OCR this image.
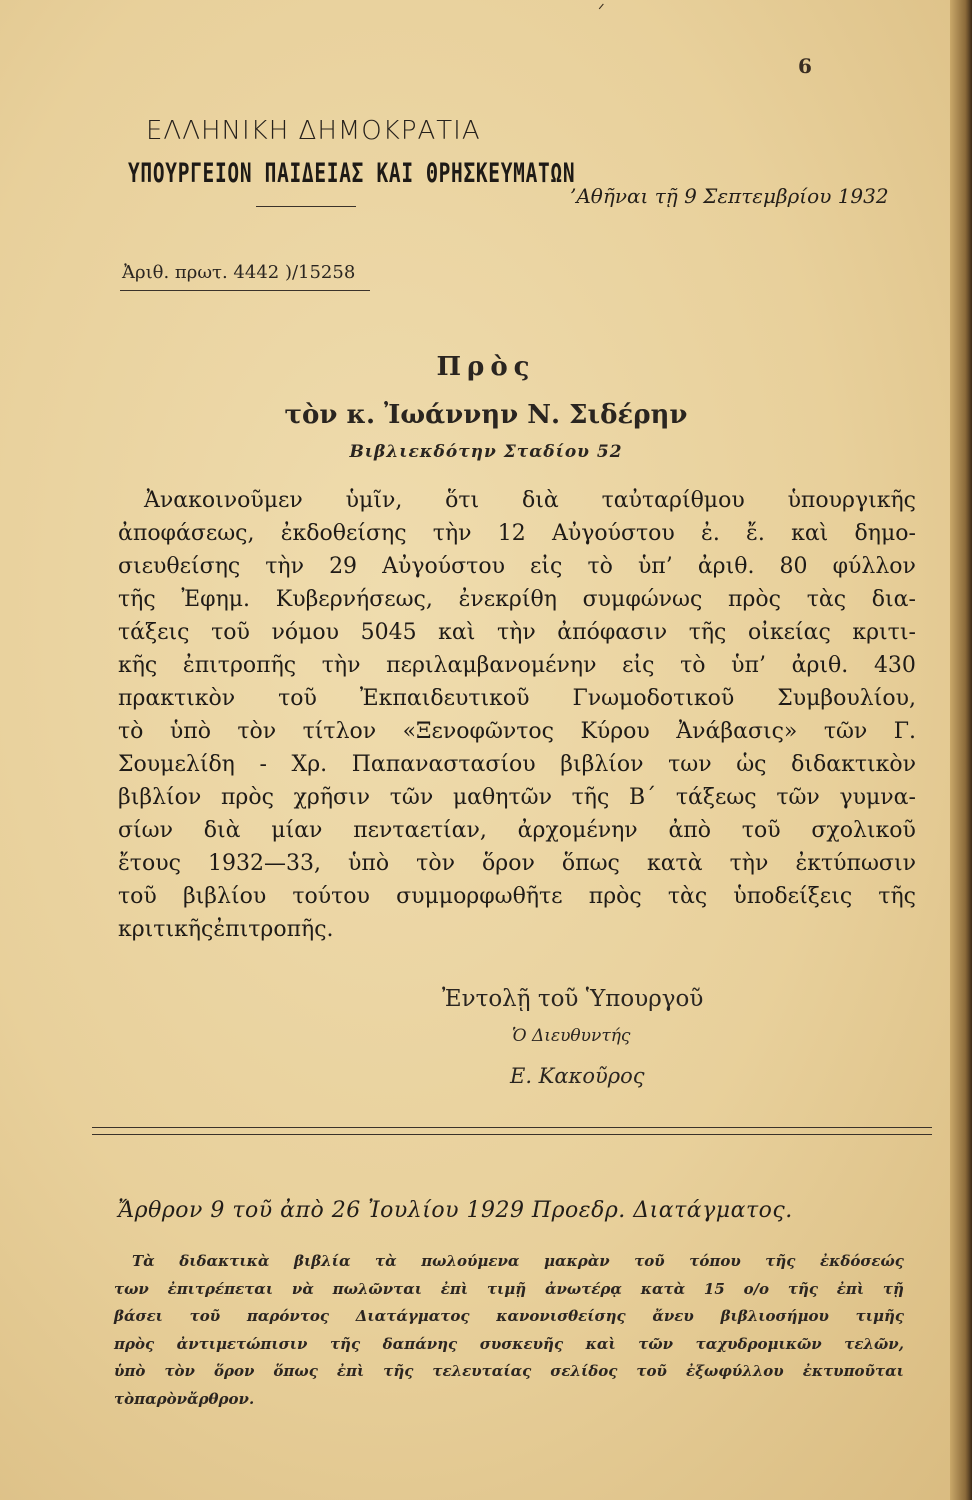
ᐟ
6
ΕΛΛΗΝΙΚΗ ΔΗΜΟΚΡΑΤΙΑ
ΥΠΟΥΡΓΕΙΟΝ ΠΑΙΔΕΙΑΣ ΚΑΙ ΘΡΗΣΚΕΥΜΑΤΩΝ
’Αθῆναι τῇ 9 Σεπτεμβρίου 1932
Ἀριθ. πρωτ. 4442 )/15258
Πρὸς
τὸν κ. Ἰωάννην Ν. Σιδέρην
Βιβλιεκδότην Σταδίου 52
Ἀνακοινοῦμεν ὑμῖν, ὅτι διὰ ταὐταρίθμου ὑπουργικῆς
ἀποφάσεως, ἐκδοθείσης τὴν 12 Αὐγούστου ἐ. ἔ. καὶ δημο-
σιευθείσης τὴν 29 Αὐγούστου εἰς τὸ ὑπ’ ἀριθ. 80 φύλλον
τῆς Ἐφημ. Κυβερνήσεως, ἐνεκρίθη συμφώνως πρὸς τὰς δια-
τάξεις τοῦ νόμου 5045 καὶ τὴν ἀπόφασιν τῆς οἰκείας κριτι-
κῆς ἐπιτροπῆς τὴν περιλαμβανομένην εἰς τὸ ὑπ’ ἀριθ. 430
πρακτικὸν τοῦ Ἐκπαιδευτικοῦ Γνωμοδοτικοῦ Συμβουλίου,
τὸ ὑπὸ τὸν τίτλον «Ξενοφῶντος Κύρου Ἀνάβασις» τῶν Γ.
Σουμελίδη - Χρ. Παπαναστασίου βιβλίον των ὡς διδακτικὸν
βιβλίον πρὸς χρῆσιν τῶν μαθητῶν τῆς Β΄ τάξεως τῶν γυμνα-
σίων διὰ μίαν πενταετίαν, ἀρχομένην ἀπὸ τοῦ σχολικοῦ
ἔτους 1932—33, ὑπὸ τὸν ὅρον ὅπως κατὰ τὴν ἐκτύπωσιν
τοῦ βιβλίου τούτου συμμορφωθῆτε πρὸς τὰς ὑποδείξεις τῆς
κριτικῆς ἐπιτροπῆς.
Ἐντολῇ τοῦ Ὑπουργοῦ
Ὁ Διευθυντής
Ε. Κακοῦρος
Ἄρθρον 9 τοῦ ἀπὸ 26 Ἰουλίου 1929 Προεδρ. Διατάγματος.
Τὰ διδακτικὰ βιβλία τὰ πωλούμενα μακρὰν τοῦ τόπου τῆς ἐκδόσεώς
των ἐπιτρέπεται νὰ πωλῶνται ἐπὶ τιμῇ ἀνωτέρᾳ κατὰ 15 ο/ο τῆς ἐπὶ τῇ
βάσει τοῦ παρόντος Διατάγματος κανονισθείσης ἄνευ βιβλιοσήμου τιμῆς
πρὸς ἀντιμετώπισιν τῆς δαπάνης συσκευῆς καὶ τῶν ταχυδρομικῶν τελῶν,
ὑπὸ τὸν ὅρον ὅπως ἐπὶ τῆς τελευταίας σελίδος τοῦ ἐξωφύλλου ἐκτυποῦται
τὸ παρὸν ἄρθρον.
